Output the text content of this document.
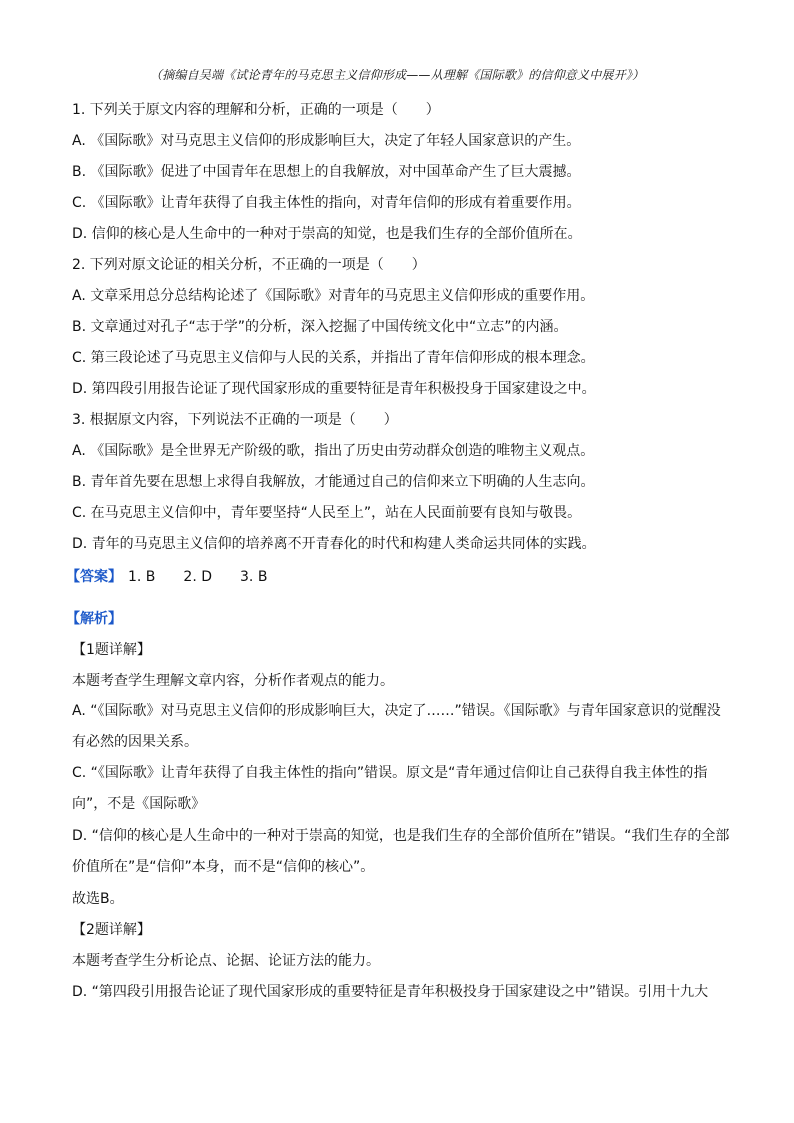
（摘编自吴端《试论青年的马克思主义信仰形成——从理解《国际歌》的信仰意义中展开》）
1. 下列关于原文内容的理解和分析，正确的一项是（　　）
A. 《国际歌》对马克思主义信仰的形成影响巨大，决定了年轻人国家意识的产生。
B. 《国际歌》促进了中国青年在思想上的自我解放，对中国革命产生了巨大震撼。
C. 《国际歌》让青年获得了自我主体性的指向，对青年信仰的形成有着重要作用。
D. 信仰的核心是人生命中的一种对于崇高的知觉，也是我们生存的全部价值所在。
2. 下列对原文论证的相关分析，不正确的一项是（　　）
A. 文章采用总分总结构论述了《国际歌》对青年的马克思主义信仰形成的重要作用。
B. 文章通过对孔子“志于学”的分析，深入挖掘了中国传统文化中“立志”的内涵。
C. 第三段论述了马克思主义信仰与人民的关系，并指出了青年信仰形成的根本理念。
D. 第四段引用报告论证了现代国家形成的重要特征是青年积极投身于国家建设之中。
3. 根据原文内容，下列说法不正确的一项是（　　）
A. 《国际歌》是全世界无产阶级的歌，指出了历史由劳动群众创造的唯物主义观点。
B. 青年首先要在思想上求得自我解放，才能通过自己的信仰来立下明确的人生志向。
C. 在马克思主义信仰中，青年要坚持“人民至上”，站在人民面前要有良知与敬畏。
D. 青年的马克思主义信仰的培养离不开青春化的时代和构建人类命运共同体的实践。
【答案】 1. B 2. D 3. B
【解析】
【1题详解】
本题考查学生理解文章内容，分析作者观点的能力。
A. “《国际歌》对马克思主义信仰的形成影响巨大，决定了……”错误。《国际歌》与青年国家意识的觉醒没有必然的因果关系。
C. “《国际歌》让青年获得了自我主体性的指向”错误。原文是“青年通过信仰让自己获得自我主体性的指向”，不是《国际歌》
D. “信仰的核心是人生命中的一种对于崇高的知觉，也是我们生存的全部价值所在”错误。“我们生存的全部价值所在”是“信仰”本身，而不是“信仰的核心”。
故选B。
【2题详解】
本题考查学生分析论点、论据、论证方法的能力。
D. “第四段引用报告论证了现代国家形成的重要特征是青年积极投身于国家建设之中”错误。引用十九大
